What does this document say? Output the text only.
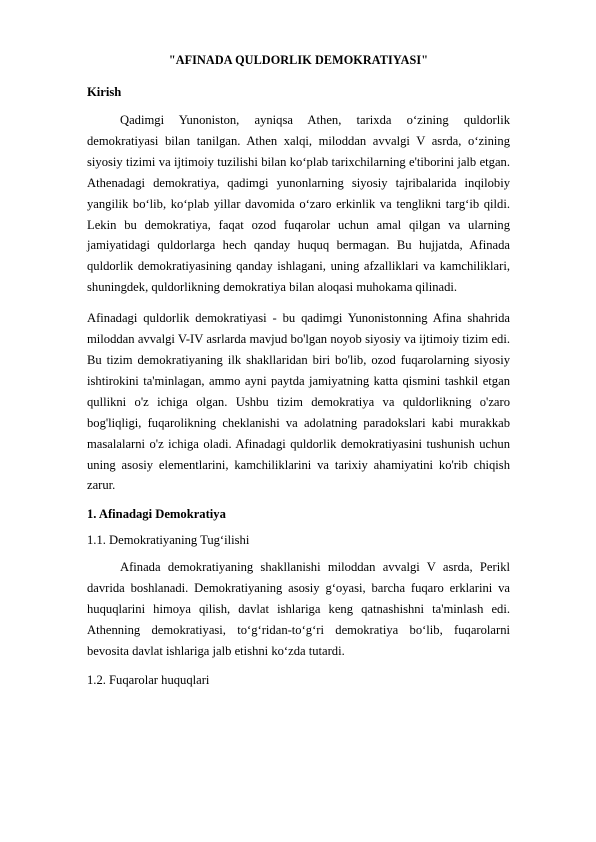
"AFINADA QULDORLIK DEMOKRATIYASI"
Kirish

Qadimgi Yunoniston, ayniqsa Athen, tarixda o‘zining quldorlik demokratiyasi bilan tanilgan. Athen xalqi, miloddan avvalgi V asrda, o‘zining siyosiy tizimi va ijtimoiy tuzilishi bilan ko‘plab tarixchilarning e'tiborini jalb etgan. Athenadagi demokratiya, qadimgi yunonlarning siyosiy tajribalarida inqilobiy yangilik bo‘lib, ko‘plab yillar davomida o‘zaro erkinlik va tenglikni targ‘ib qildi. Lekin bu demokratiya, faqat ozod fuqarolar uchun amal qilgan va ularning jamiyatidagi quldorlarga hech qanday huquq bermagan. Bu hujjatda, Afinada quldorlik demokratiyasining qanday ishlagani, uning afzalliklari va kamchiliklari, shuningdek, quldorlikning demokratiya bilan aloqasi muhokama qilinadi.

Afinadagi quldorlik demokratiyasi - bu qadimgi Yunonistonning Afina shahrida miloddan avvalgi V-IV asrlarda mavjud bo'lgan noyob siyosiy va ijtimoiy tizim edi. Bu tizim demokratiyaning ilk shakllaridan biri bo'lib, ozod fuqarolarning siyosiy ishtirokini ta'minlagan, ammo ayni paytda jamiyatning katta qismini tashkil etgan qullikni o'z ichiga olgan. Ushbu tizim demokratiya va quldorlikning o'zaro bog'liqligi, fuqarolikning cheklanishi va adolatning paradokslari kabi murakkab masalalarni o'z ichiga oladi. Afinadagi quldorlik demokratiyasini tushunish uchun uning asosiy elementlarini, kamchiliklarini va tarixiy ahamiyatini ko'rib chiqish zarur.

1. Afinadagi Demokratiya
1.1. Demokratiyaning Tug‘ilishi

Afinada demokratiyaning shakllanishi miloddan avvalgi V asrda, Perikl davrida boshlanadi. Demokratiyaning asosiy g‘oyasi, barcha fuqaro erklarini va huquqlarini himoya qilish, davlat ishlariga keng qatnashishni ta'minlash edi. Athenning demokratiyasi, to‘g‘ridan-to‘g‘ri demokratiya bo‘lib, fuqarolarni bevosita davlat ishlariga jalb etishni ko‘zda tutardi.

1.2. Fuqarolar huquqlari
